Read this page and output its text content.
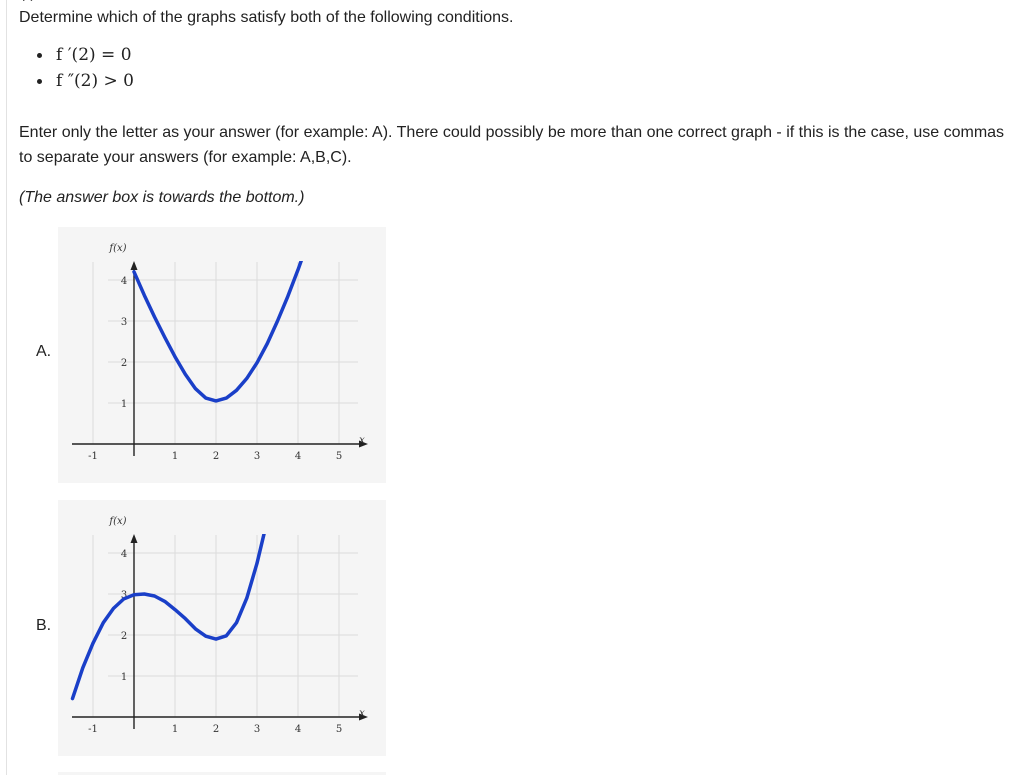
Determine which of the graphs satisfy both of the following conditions.
f ′(2) = 0
f ″(2) > 0
Enter only the letter as your answer (for example: A). There could possibly be more than one correct graph - if this is the case, use commas to separate your answers (for example: A,B,C).
(The answer box is towards the bottom.)
A.
-1	1	2	3	4	5
1
2
3
4
f(x)
x
B.
-1	1	2	3	4	5
1
2
3
4
f(x)
x
